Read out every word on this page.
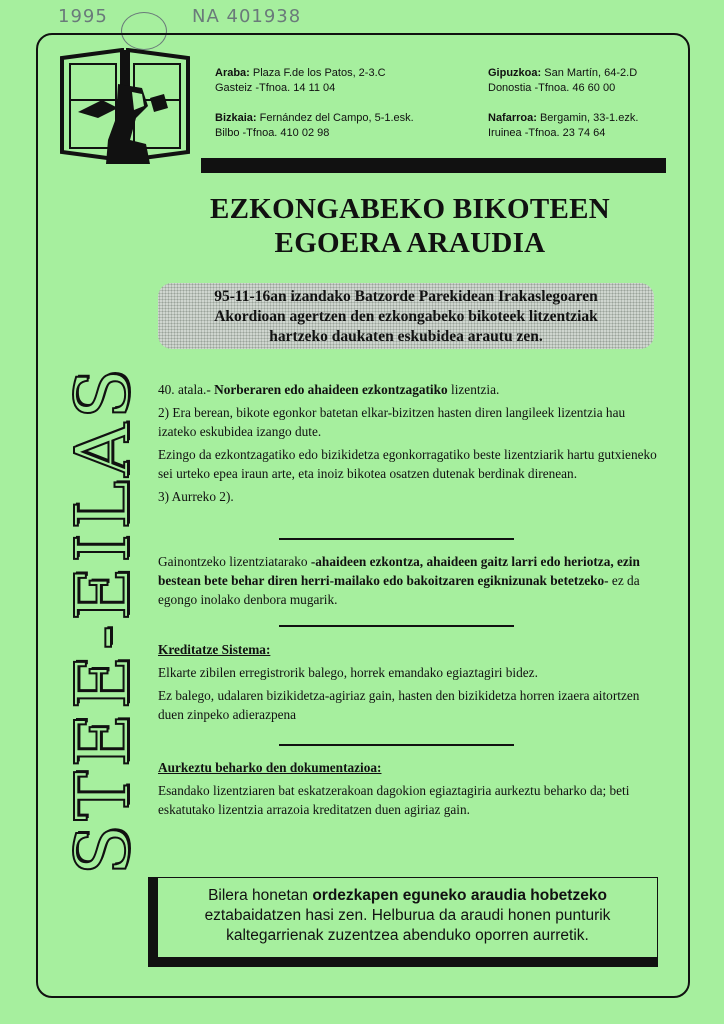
1995	NA 401938
Araba: Plaza F.de los Patos, 2-3.C
Gasteiz -Tfnoa. 14 11 04
Bizkaia: Fernández del Campo, 5-1.esk.
Bilbo -Tfnoa. 410 02 98
Gipuzkoa: San Martín, 64-2.D
Donostia -Tfnoa. 46 60 00
Nafarroa: Bergamin, 33-1.ezk.
Iruinea -Tfnoa. 23 74 64
STEE-EILAS
EZKONGABEKO BIKOTEEN
EGOERA ARAUDIA
95-11-16an izandako Batzorde Parekidean Irakaslegoaren
Akordioan agertzen den ezkongabeko bikoteek litzentziak
hartzeko daukaten eskubidea arautu zen.

40. atala.- Norberaren edo ahaideen ezkontzagatiko lizentzia.

2) Era berean, bikote egonkor batetan elkar-bizitzen hasten diren langileek lizentzia hau izateko eskubidea izango dute.

Ezingo da ezkontzagatiko edo bizikidetza egonkorragatiko beste lizentziarik hartu gutxieneko sei urteko epea iraun arte, eta inoiz bikotea osatzen dutenak berdinak direnean.

3) Aurreko 2).

Gainontzeko lizentziatarako -ahaideen ezkontza, ahaideen gaitz larri edo heriotza, ezin bestean bete behar diren herri-mailako edo bakoitzaren egiknizunak betetzeko- ez da egongo inolako denbora mugarik.

Kreditatze Sistema:

Elkarte zibilen erregistrorik balego, horrek emandako egiaztagiri bidez.

Ez balego, udalaren bizikidetza-agiriaz gain, hasten den bizikidetza horren izaera aitortzen duen zinpeko adierazpena

Aurkeztu beharko den dokumentazioa:

Esandako lizentziaren bat eskatzerakoan dagokion egiaztagiria aurkeztu beharko da; beti eskatutako lizentzia arrazoia kreditatzen duen agiriaz gain.

Bilera honetan ordezkapen eguneko araudia hobetzeko eztabaidatzen hasi zen. Helburua da araudi honen punturik kaltegarrienak zuzentzea abenduko oporren aurretik.
